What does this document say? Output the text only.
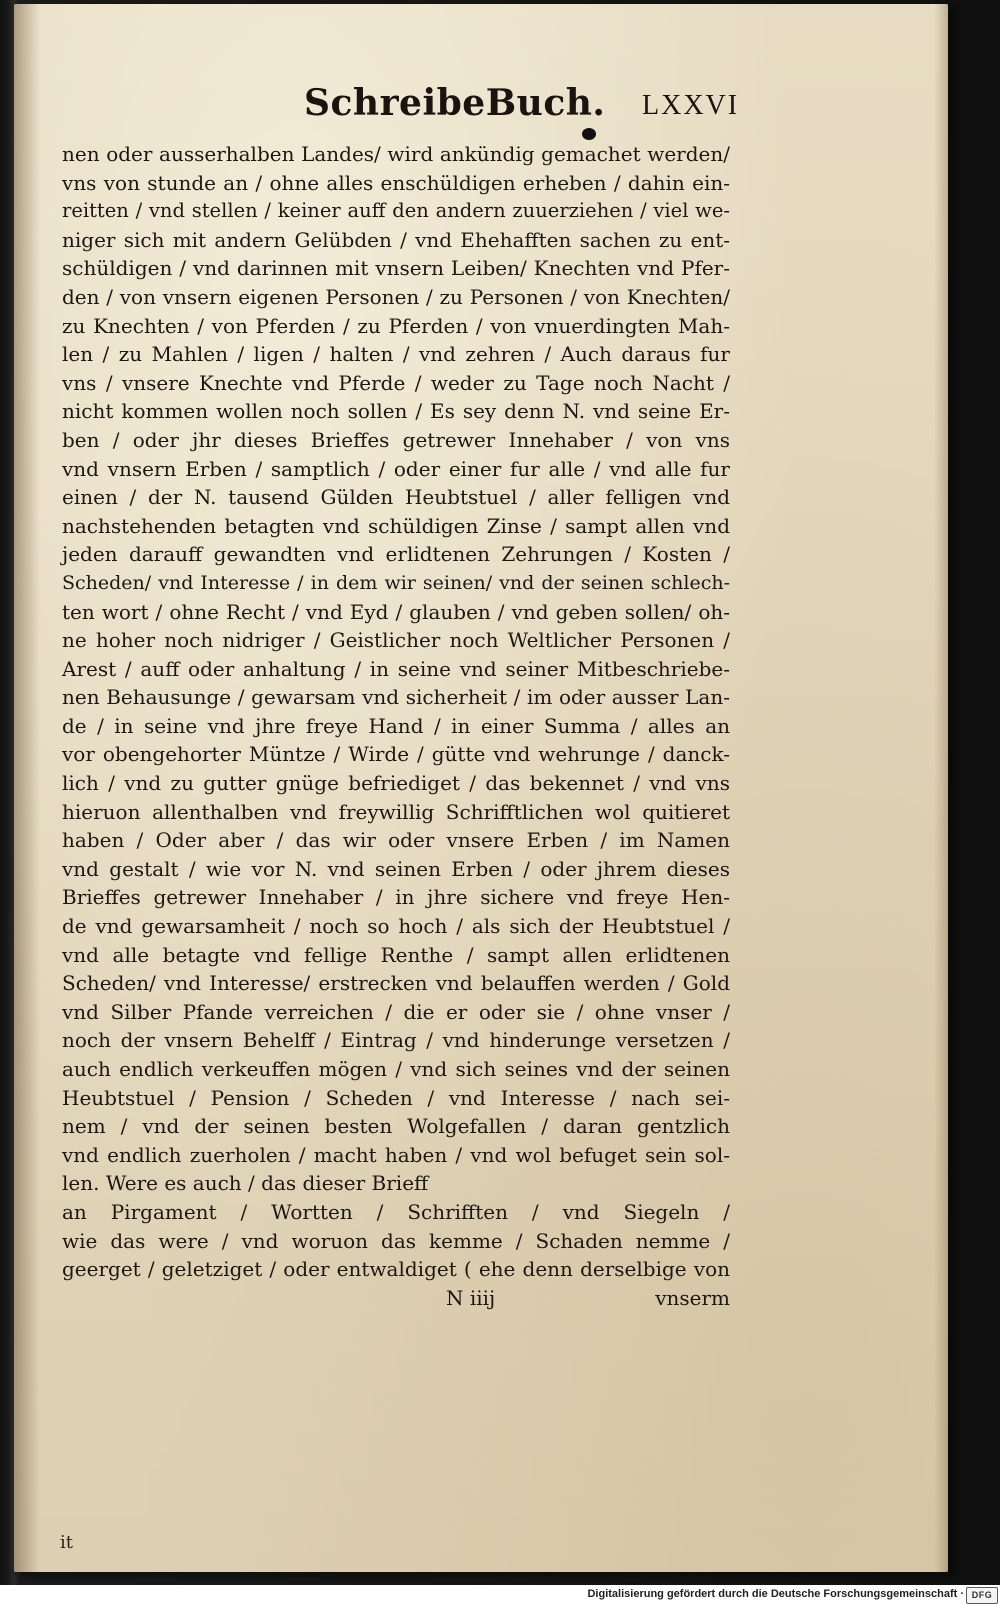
SchreibeBuch. LXXVI
nen oder ausserhalben Landes/ wird ankündig gemachet werden/
vns von stunde an / ohne alles enschüldigen erheben / dahin ein-
reitten / vnd stellen / keiner auff den andern zuuerziehen / viel we-
niger sich mit andern Gelübden / vnd Ehehafften sachen zu ent-
schüldigen / vnd darinnen mit vnsern Leiben/ Knechten vnd Pfer-
den / von vnsern eigenen Personen / zu Personen / von Knechten/
zu Knechten / von Pferden / zu Pferden / von vnuerdingten Mah-
len / zu Mahlen / ligen / halten / vnd zehren / Auch daraus fur
vns / vnsere Knechte vnd Pferde / weder zu Tage noch Nacht /
nicht kommen wollen noch sollen / Es sey denn N. vnd seine Er-
ben / oder jhr dieses Brieffes getrewer Innehaber / von vns
vnd vnsern Erben / samptlich / oder einer fur alle / vnd alle fur
einen / der N. tausend Gülden Heubtstuel / aller felligen vnd
nachstehenden betagten vnd schüldigen Zinse / sampt allen vnd
jeden darauff gewandten vnd erlidtenen Zehrungen / Kosten /
Scheden/ vnd Interesse / in dem wir seinen/ vnd der seinen schlech-
ten wort / ohne Recht / vnd Eyd / glauben / vnd geben sollen/ oh-
ne hoher noch nidriger / Geistlicher noch Weltlicher Personen /
Arest / auff oder anhaltung / in seine vnd seiner Mitbeschriebe-
nen Behausunge / gewarsam vnd sicherheit / im oder ausser Lan-
de / in seine vnd jhre freye Hand / in einer Summa / alles an
vor obengehorter Müntze / Wirde / gütte vnd wehrunge / danck-
lich / vnd zu gutter gnüge befriediget / das bekennet / vnd vns
hieruon allenthalben vnd freywillig Schrifftlichen wol quitieret
haben / Oder aber / das wir oder vnsere Erben / im Namen
vnd gestalt / wie vor N. vnd seinen Erben / oder jhrem dieses
Brieffes getrewer Innehaber / in jhre sichere vnd freye Hen-
de vnd gewarsamheit / noch so hoch / als sich der Heubtstuel /
vnd alle betagte vnd fellige Renthe / sampt allen erlidtenen
Scheden/ vnd Interesse/ erstrecken vnd belauffen werden / Gold
vnd Silber Pfande verreichen / die er oder sie / ohne vnser /
noch der vnsern Behelff / Eintrag / vnd hinderunge versetzen /
auch endlich verkeuffen mögen / vnd sich seines vnd der seinen
Heubtstuel / Pension / Scheden / vnd Interesse / nach sei-
nem / vnd der seinen besten Wolgefallen / daran gentzlich
vnd endlich zuerholen / macht haben / vnd wol befuget sein sol-
len. Were es auch / das dieser Brieff
an Pirgament / Wortten / Schrifften / vnd Siegeln /
wie das were / vnd woruon das kemme / Schaden nemme /
geerget / geletziget / oder entwaldiget ( ehe denn derselbige von
N iiij	vnserm
it
Digitalisierung gefördert durch die Deutsche Forschungsgemeinschaft · DFG
